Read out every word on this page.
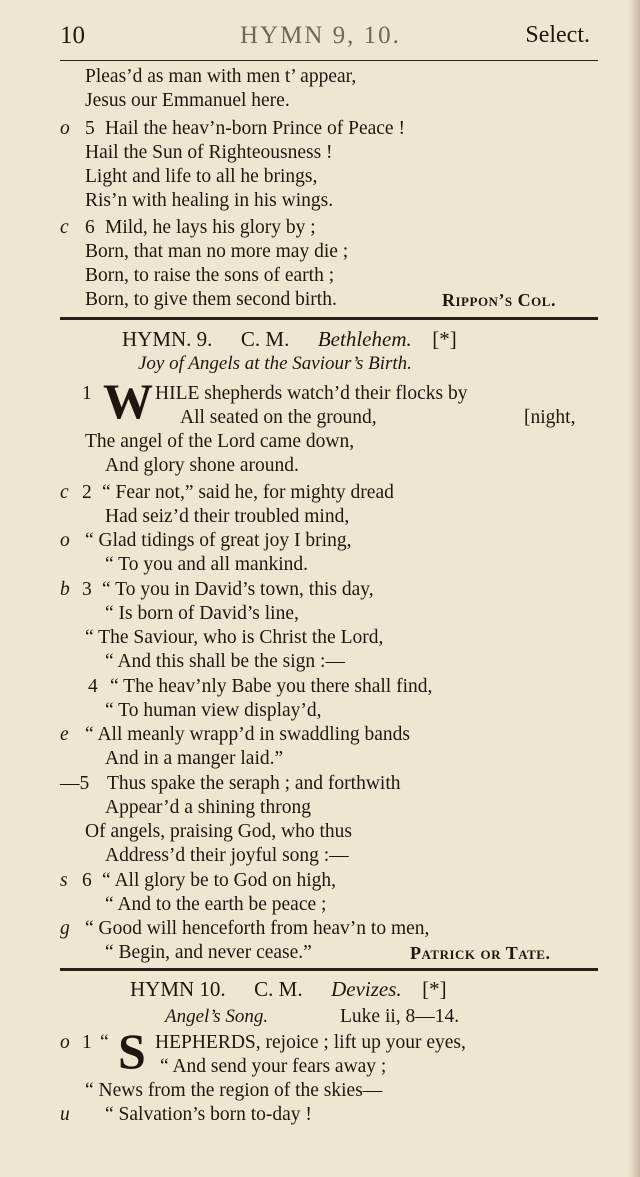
10	HYMN 9, 10.	Select.
Pleas’d as man with men t’ appear,
Jesus our Emmanuel here.
o 5 Hail the heav’n-born Prince of Peace !
Hail the Sun of Righteousness !
Light and life to all he brings,
Ris’n with healing in his wings.
c 6 Mild, he lays his glory by ;
Born, that man no more may die ;
Born, to raise the sons of earth ;
Born, to give them second birth.	Rippon’s Col.
HYMN. 9. C. M. Bethlehem. [*]
Joy of Angels at the Saviour’s Birth.
1 W HILE shepherds watch’d their flocks by
All seated on the ground,	[night,
The angel of the Lord came down,
And glory shone around.
c 2 “ Fear not,” said he, for mighty dread
Had seiz’d their troubled mind,
o “ Glad tidings of great joy I bring,
“ To you and all mankind.
b 3 “ To you in David’s town, this day,
“ Is born of David’s line,
“ The Saviour, who is Christ the Lord,
“ And this shall be the sign :—
4 “ The heav’nly Babe you there shall find,
“ To human view display’d,
e “ All meanly wrapp’d in swaddling bands
And in a manger laid.”
—5 Thus spake the seraph ; and forthwith
Appear’d a shining throng
Of angels, praising God, who thus
Address’d their joyful song :—
s 6 “ All glory be to God on high,
“ And to the earth be peace ;
g “ Good will henceforth from heav’n to men,
“ Begin, and never cease.”	Patrick or Tate.
HYMN 10. C. M. Devizes. [*]
Angel’s Song.	Luke ii, 8—14.
o 1 “ S HEPHERDS, rejoice ; lift up your eyes,
“ And send your fears away ;
“ News from the region of the skies—
u “ Salvation’s born to-day !
